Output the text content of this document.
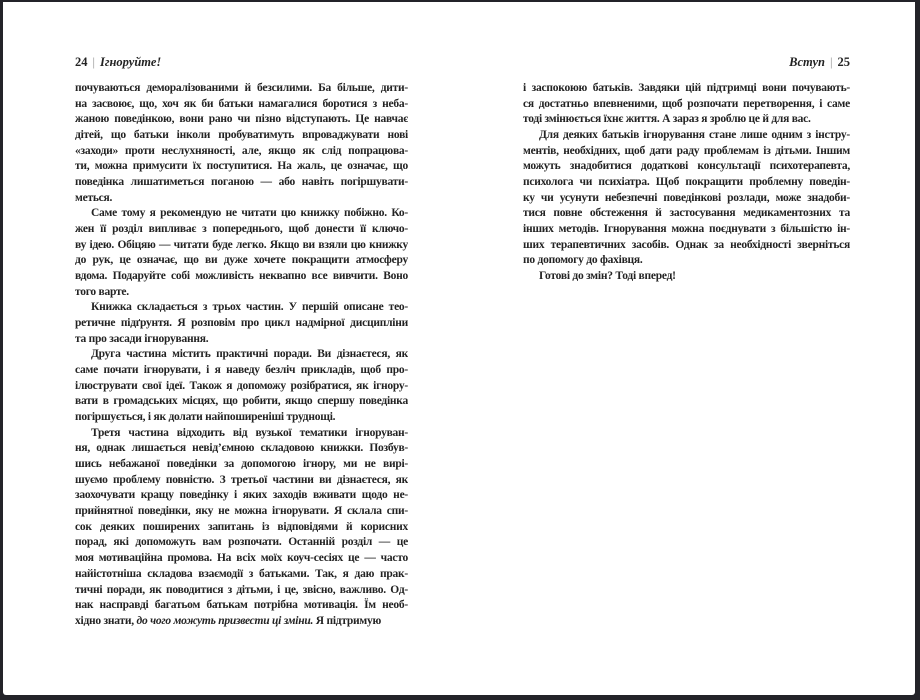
24 | Ігноруйте!	Вступ | 25
почуваються деморалізованими й безсилими. Ба більше, дити-
на засвоює, що, хоч як би батьки намагалися боротися з неба-
жаною поведінкою, вони рано чи пізно відступають. Це навчає
дітей, що батьки інколи пробуватимуть впроваджувати нові
«заходи» проти неслухняності, але, якщо як слід попрацюва-
ти, можна примусити їх поступитися. На жаль, це означає, що
поведінка лишатиметься поганою — або навіть погіршувати-
меться.
Саме тому я рекомендую не читати цю книжку побіжно. Ко-
жен її розділ випливає з попереднього, щоб донести її ключо-
ву ідею. Обіцяю — читати буде легко. Якщо ви взяли цю книжку
до рук, це означає, що ви дуже хочете покращити атмосферу
вдома. Подаруйте собі можливість неквапно все вивчити. Воно
того варте.
Книжка складається з трьох частин. У першій описане тео-
ретичне підґрунтя. Я розповім про цикл надмірної дисципліни
та про засади ігнорування.
Друга частина містить практичні поради. Ви дізнаєтеся, як
саме почати ігнорувати, і я наведу безліч прикладів, щоб про-
ілюструвати свої ідеї. Також я допоможу розібратися, як ігнору-
вати в громадських місцях, що робити, якщо спершу поведінка
погіршується, і як долати найпоширеніші труднощі.
Третя частина відходить від вузької тематики ігноруван-
ня, однак лишається невід’ємною складовою книжки. Позбув-
шись небажаної поведінки за допомогою ігнору, ми не вирі-
шуємо проблему повністю. З третьої частини ви дізнаєтеся, як
заохочувати кращу поведінку і яких заходів вживати щодо не-
прийнятної поведінки, яку не можна ігнорувати. Я склала спи-
сок деяких поширених запитань із відповідями й корисних
порад, які допоможуть вам розпочати. Останній розділ — це
моя мотиваційна промова. На всіх моїх коуч-сесіях це — часто
найістотніша складова взаємодії з батьками. Так, я даю прак-
тичні поради, як поводитися з дітьми, і це, звісно, важливо. Од-
нак насправді багатьом батькам потрібна мотивація. Їм необ-
хідно знати, до чого можуть призвести ці зміни. Я підтримую
і заспокоюю батьків. Завдяки цій підтримці вони почувають-
ся достатньо впевненими, щоб розпочати перетворення, і саме
тоді змінюється їхнє життя. А зараз я зроблю це й для вас.
Для деяких батьків ігнорування стане лише одним з інстру-
ментів, необхідних, щоб дати раду проблемам із дітьми. Іншим
можуть знадобитися додаткові консультації психотерапевта,
психолога чи психіатра. Щоб покращити проблемну поведін-
ку чи усунути небезпечні поведінкові розлади, може знадоби-
тися повне обстеження й застосування медикаментозних та
інших методів. Ігнорування можна поєднувати з більшістю ін-
ших терапевтичних засобів. Однак за необхідності зверніться
по допомогу до фахівця.
Готові до змін? Тоді вперед!
